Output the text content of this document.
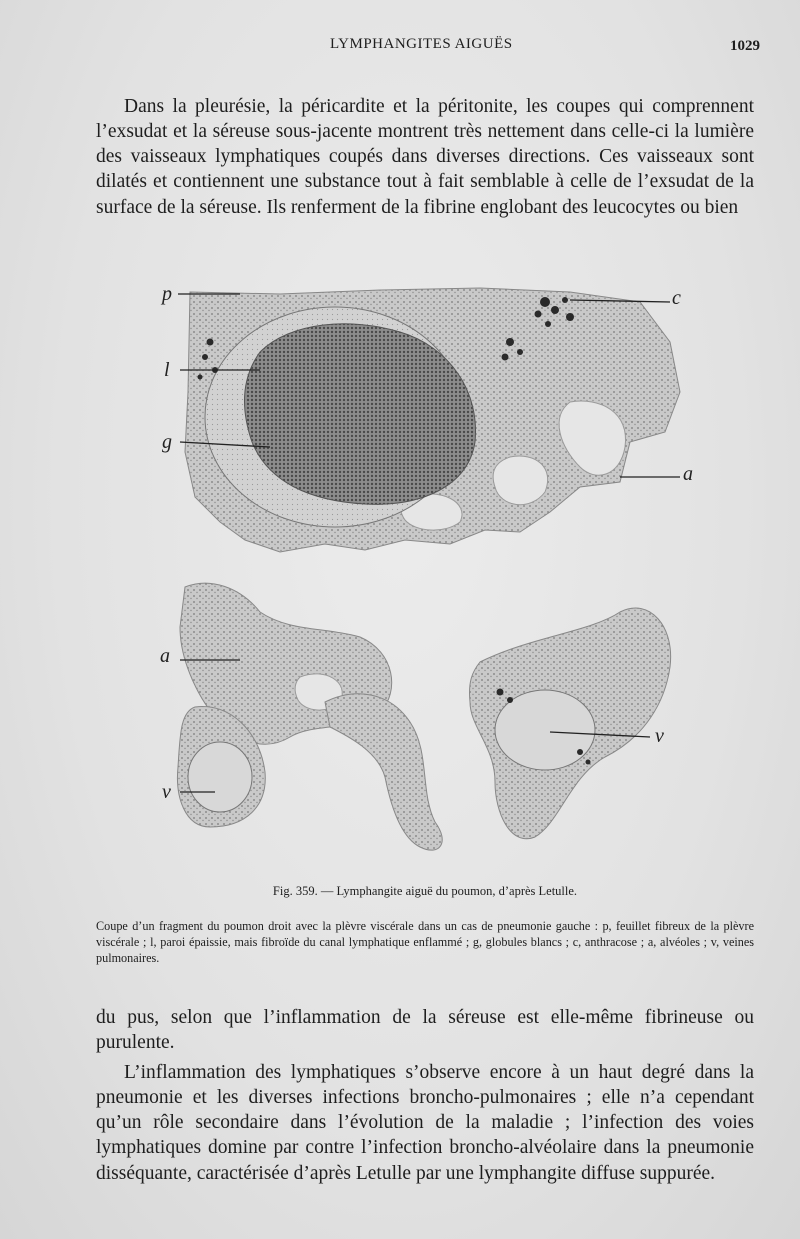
LYMPHANGITES AIGUËS	1029

Dans la pleurésie, la péricardite et la péritonite, les coupes qui comprennent l’exsudat et la séreuse sous-jacente montrent très nettement dans celle-ci la lumière des vaisseaux lymphatiques coupés dans diverses directions. Ces vaisseaux sont dilatés et contiennent une substance tout à fait semblable à celle de l’exsudat de la surface de la séreuse. Ils renferment de la fibrine englobant des leucocytes ou bien

p
l
g
c
a
a
v
v
Fig. 359. — Lymphangite aiguë du poumon, d’après Letulle.

Coupe d’un fragment du poumon droit avec la plèvre viscérale dans un cas de pneumonie gauche : p, feuillet fibreux de la plèvre viscérale ; l, paroi épaissie, mais fibroïde du canal lymphatique enflammé ; g, globules blancs ; c, anthracose ; a, alvéoles ; v, veines pulmonaires.

du pus, selon que l’inflammation de la séreuse est elle-même fibrineuse ou purulente.

L’inflammation des lymphatiques s’observe encore à un haut degré dans la pneumonie et les diverses infections broncho-pulmonaires ; elle n’a cependant qu’un rôle secondaire dans l’évolution de la maladie ; l’infection des voies lymphatiques domine par contre l’infection broncho-alvéolaire dans la pneumonie disséquante, caractérisée d’après Letulle par une lymphangite diffuse suppurée.
